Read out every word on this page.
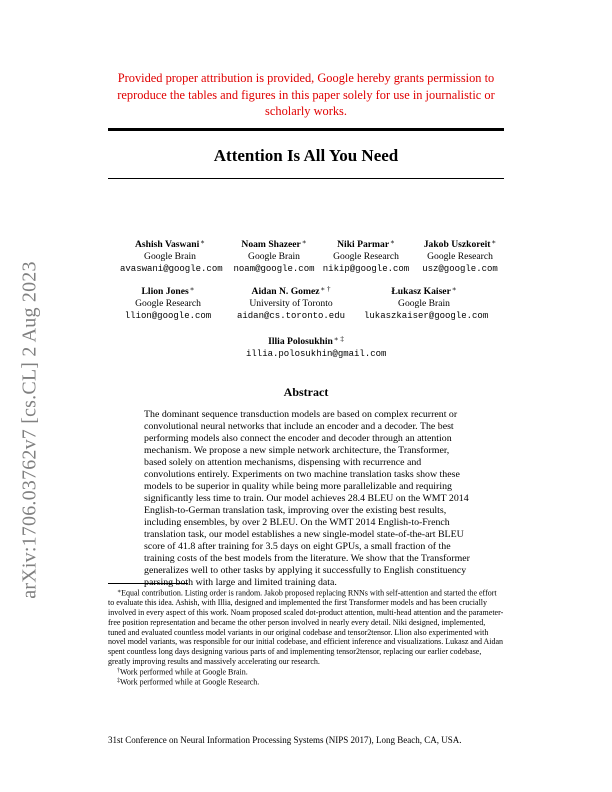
arXiv:1706.03762v7 [cs.CL] 2 Aug 2023
Provided proper attribution is provided, Google hereby grants permission to reproduce the tables and figures in this paper solely for use in journalistic or scholarly works.
Attention Is All You Need
Ashish Vaswani∗
Google Brain
avaswani@google.com
Noam Shazeer∗
Google Brain
noam@google.com
Niki Parmar∗
Google Research
nikip@google.com
Jakob Uszkoreit∗
Google Research
usz@google.com
Llion Jones∗
Google Research
llion@google.com
Aidan N. Gomez∗ †
University of Toronto
aidan@cs.toronto.edu
Łukasz Kaiser∗
Google Brain
lukaszkaiser@google.com
Illia Polosukhin∗ ‡
illia.polosukhin@gmail.com
Abstract
The dominant sequence transduction models are based on complex recurrent or convolutional neural networks that include an encoder and a decoder. The best performing models also connect the encoder and decoder through an attention mechanism. We propose a new simple network architecture, the Transformer, based solely on attention mechanisms, dispensing with recurrence and convolutions entirely. Experiments on two machine translation tasks show these models to be superior in quality while being more parallelizable and requiring significantly less time to train. Our model achieves 28.4 BLEU on the WMT 2014 English-to-German translation task, improving over the existing best results, including ensembles, by over 2 BLEU. On the WMT 2014 English-to-French translation task, our model establishes a new single-model state-of-the-art BLEU score of 41.8 after training for 3.5 days on eight GPUs, a small fraction of the training costs of the best models from the literature. We show that the Transformer generalizes well to other tasks by applying it successfully to English constituency parsing both with large and limited training data.

∗Equal contribution. Listing order is random. Jakob proposed replacing RNNs with self-attention and started the effort to evaluate this idea. Ashish, with Illia, designed and implemented the first Transformer models and has been crucially involved in every aspect of this work. Noam proposed scaled dot-product attention, multi-head attention and the parameter-free position representation and became the other person involved in nearly every detail. Niki designed, implemented, tuned and evaluated countless model variants in our original codebase and tensor2tensor. Llion also experimented with novel model variants, was responsible for our initial codebase, and efficient inference and visualizations. Lukasz and Aidan spent countless long days designing various parts of and implementing tensor2tensor, replacing our earlier codebase, greatly improving results and massively accelerating our research.

†Work performed while at Google Brain.

‡Work performed while at Google Research.

31st Conference on Neural Information Processing Systems (NIPS 2017), Long Beach, CA, USA.
